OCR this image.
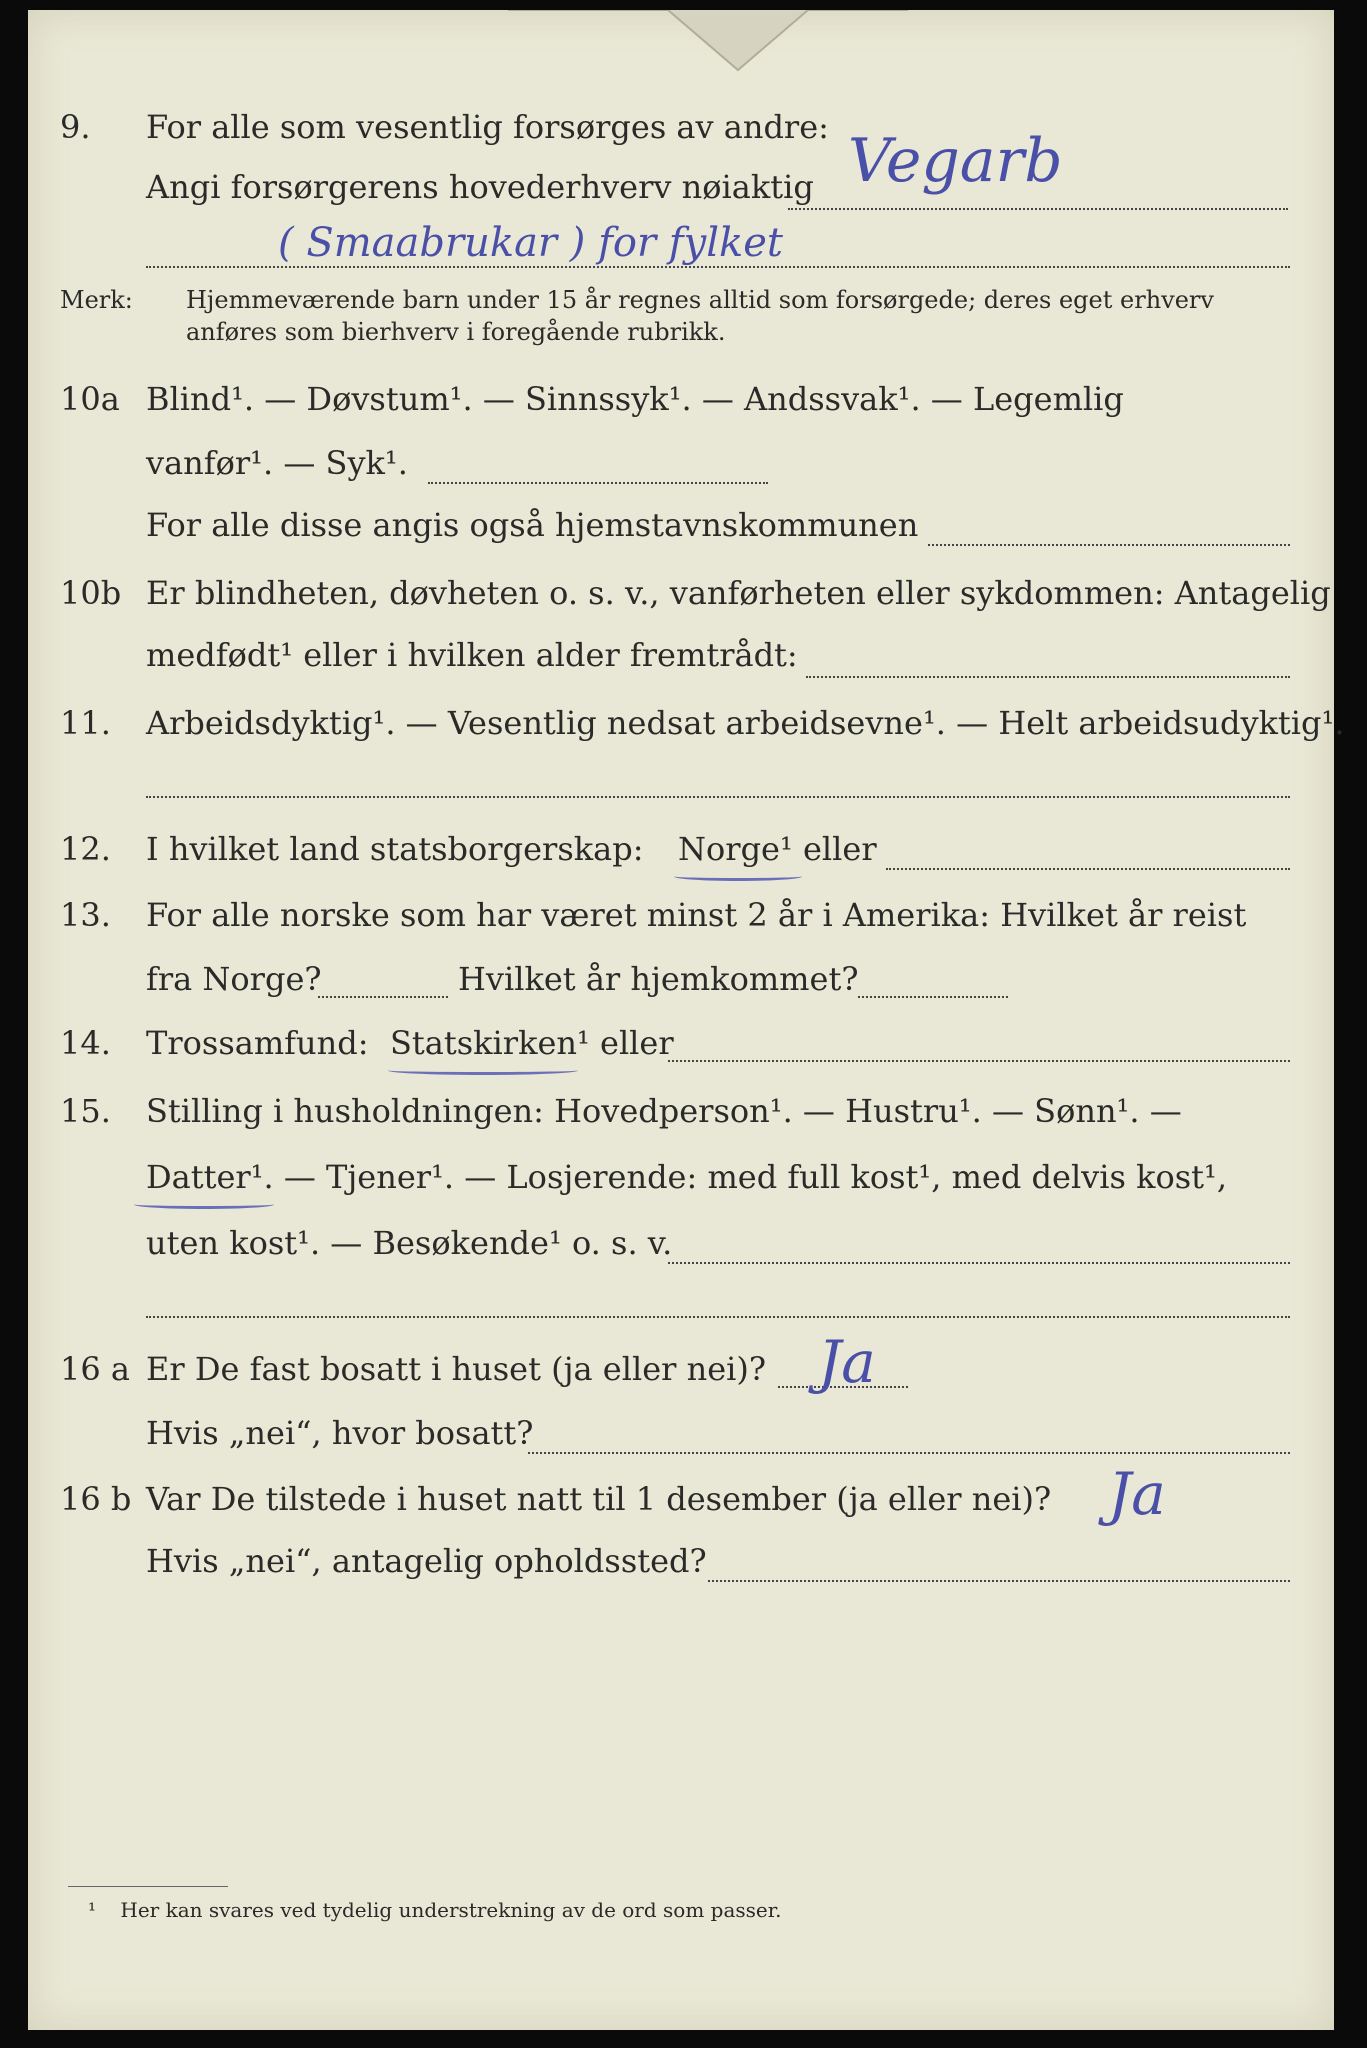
9. For alle som vesentlig forsørges av andre:
Angi forsørgerens hovederhverv nøiaktig Vegarb
( Smaabrukar ) for fylket
Merk: Hjemmeværende barn under 15 år regnes alltid som forsørgede; deres eget erhverv
anføres som bierhverv i foregående rubrikk.
10a Blind¹. — Døvstum¹. — Sinnssyk¹. — Andssvak¹. — Legemlig
vanfør¹. — Syk¹.
For alle disse angis også hjemstavnskommunen
10b Er blindheten, døvheten o. s. v., vanførheten eller sykdommen: Antagelig
medfødt¹ eller i hvilken alder fremtrådt:
11. Arbeidsdyktig¹. — Vesentlig nedsat arbeidsevne¹. — Helt arbeidsudyktig¹.
12. I hvilket land statsborgerskap: Norge¹ eller
13. For alle norske som har været minst 2 år i Amerika: Hvilket år reist
fra Norge?	Hvilket år hjemkommet?
14. Trossamfund: Statskirken¹ eller
15. Stilling i husholdningen: Hovedperson¹. — Hustru¹. — Sønn¹. —
Datter¹. — Tjener¹. — Losjerende: med full kost¹, med delvis kost¹,
uten kost¹. — Besøkende¹ o. s. v.
16 a Er De fast bosatt i huset (ja eller nei)? Ja
Hvis „nei“, hvor bosatt?
16 b Var De tilstede i huset natt til 1 desember (ja eller nei)? Ja
Hvis „nei“, antagelig opholdssted?
¹ Her kan svares ved tydelig understrekning av de ord som passer.
